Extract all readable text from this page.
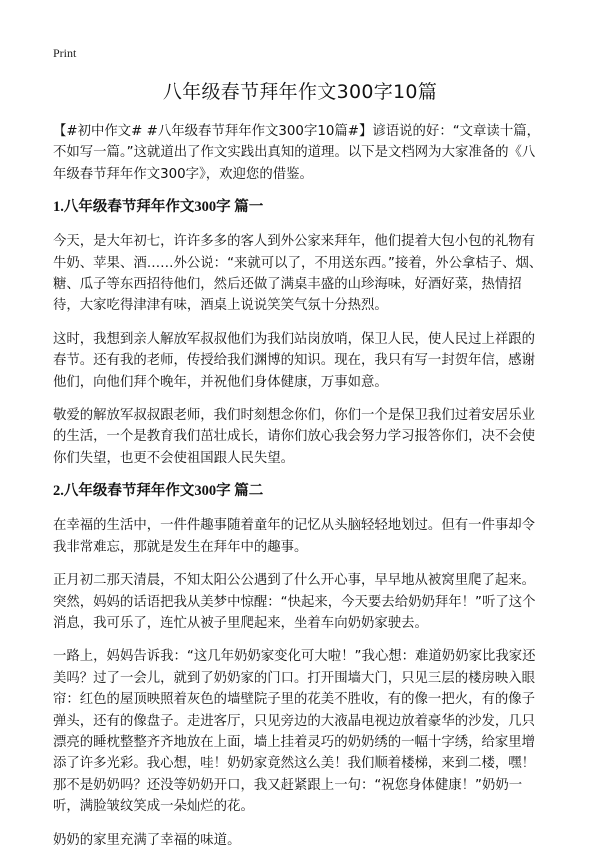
Print
八年级春节拜年作文300字10篇

【#初中作文# #八年级春节拜年作文300字10篇#】谚语说的好：“文章读十篇，不如写一篇。”这就道出了作文实践出真知的道理。以下是文档网为大家准备的《八年级春节拜年作文300字》，欢迎您的借鉴。

1.八年级春节拜年作文300字 篇一

今天，是大年初七，许许多多的客人到外公家来拜年，他们提着大包小包的礼物有牛奶、苹果、酒……外公说：“来就可以了，不用送东西。”接着，外公拿桔子、烟、糖、瓜子等东西招待他们，然后还做了满桌丰盛的山珍海味，好酒好菜，热情招待，大家吃得津津有味，酒桌上说说笑笑气氛十分热烈。

这时，我想到亲人解放军叔叔他们为我们站岗放哨，保卫人民，使人民过上祥跟的春节。还有我的老师，传授给我们渊博的知识。现在，我只有写一封贺年信，感谢他们，向他们拜个晚年，并祝他们身体健康，万事如意。

敬爱的解放军叔叔跟老师，我们时刻想念你们，你们一个是保卫我们过着安居乐业的生活，一个是教育我们茁壮成长，请你们放心我会努力学习报答你们，决不会使你们失望，也更不会使祖国跟人民失望。

2.八年级春节拜年作文300字 篇二

在幸福的生活中，一件件趣事随着童年的记忆从头脑轻轻地划过。但有一件事却令我非常难忘，那就是发生在拜年中的趣事。

正月初二那天清晨，不知太阳公公遇到了什么开心事，早早地从被窝里爬了起来。突然，妈妈的话语把我从美梦中惊醒：“快起来，今天要去给奶奶拜年！”听了这个消息，我可乐了，连忙从被子里爬起来，坐着车向奶奶家驶去。

一路上，妈妈告诉我：“这几年奶奶家变化可大啦！”我心想：难道奶奶家比我家还美吗？过了一会儿，就到了奶奶家的门口。打开围墙大门，只见三层的楼房映入眼帘：红色的屋顶映照着灰色的墙壁院子里的花美不胜收，有的像一把火，有的像子弹头，还有的像盘子。走进客厅，只见旁边的大液晶电视边放着豪华的沙发，几只漂亮的睡枕整整齐齐地放在上面，墙上挂着灵巧的奶奶绣的一幅十字绣，给家里增添了许多光彩。我心想，哇！奶奶家竟然这么美！我们顺着楼梯，来到二楼，嘿！那不是奶奶吗？还没等奶奶开口，我又赶紧跟上一句：“祝您身体健康！”奶奶一听，满脸皱纹笑成一朵灿烂的花。

奶奶的家里充满了幸福的味道。
